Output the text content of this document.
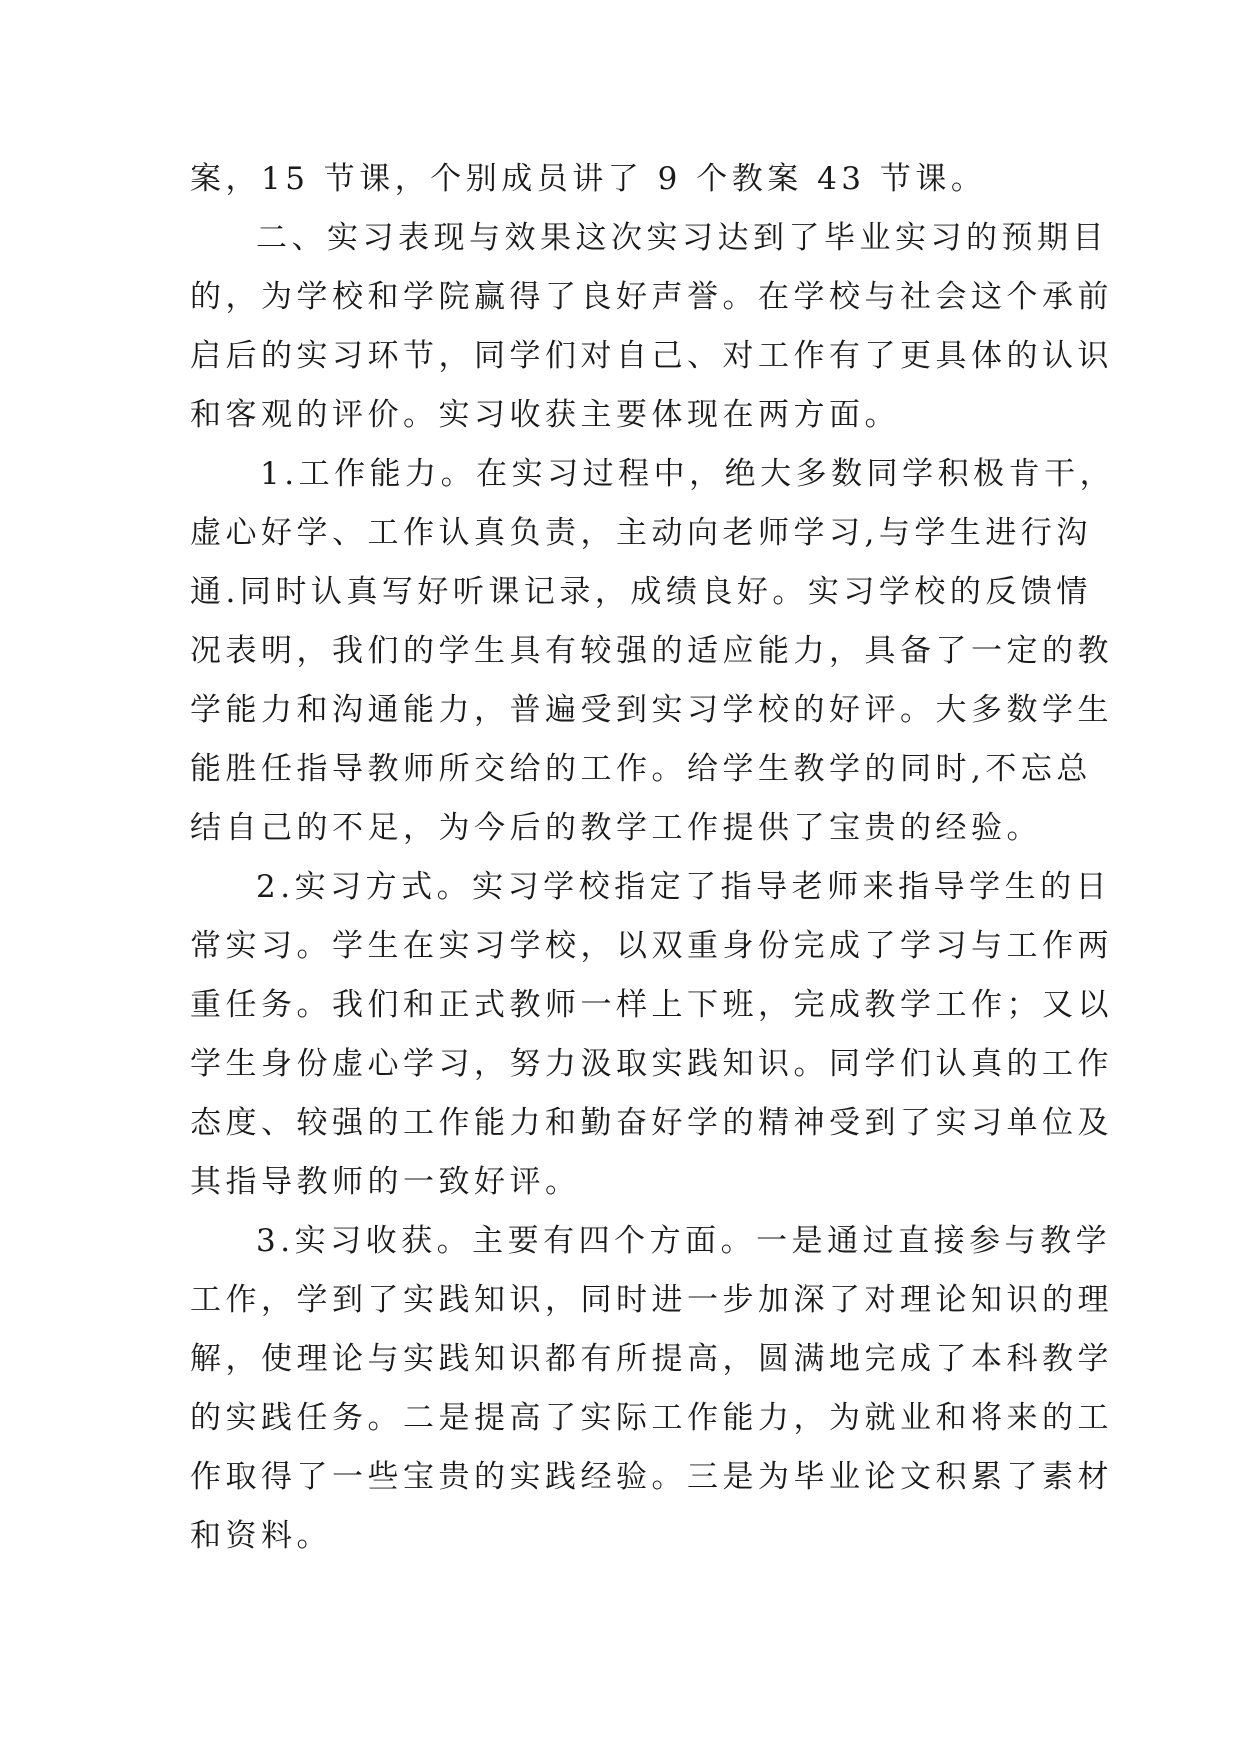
案，15 节课，个别成员讲了 9 个教案 43 节课。
二、实习表现与效果这次实习达到了毕业实习的预期目
的，为学校和学院赢得了良好声誉。在学校与社会这个承前
启后的实习环节，同学们对自己、对工作有了更具体的认识
和客观的评价。实习收获主要体现在两方面。
1.工作能力。在实习过程中，绝大多数同学积极肯干，
虚心好学、工作认真负责，主动向老师学习,与学生进行沟
通.同时认真写好听课记录，成绩良好。实习学校的反馈情
况表明，我们的学生具有较强的适应能力，具备了一定的教
学能力和沟通能力，普遍受到实习学校的好评。大多数学生
能胜任指导教师所交给的工作。给学生教学的同时,不忘总
结自己的不足，为今后的教学工作提供了宝贵的经验。
2.实习方式。实习学校指定了指导老师来指导学生的日
常实习。学生在实习学校，以双重身份完成了学习与工作两
重任务。我们和正式教师一样上下班，完成教学工作；又以
学生身份虚心学习，努力汲取实践知识。同学们认真的工作
态度、较强的工作能力和勤奋好学的精神受到了实习单位及
其指导教师的一致好评。
3.实习收获。主要有四个方面。一是通过直接参与教学
工作，学到了实践知识，同时进一步加深了对理论知识的理
解，使理论与实践知识都有所提高，圆满地完成了本科教学
的实践任务。二是提高了实际工作能力，为就业和将来的工
作取得了一些宝贵的实践经验。三是为毕业论文积累了素材
和资料。
